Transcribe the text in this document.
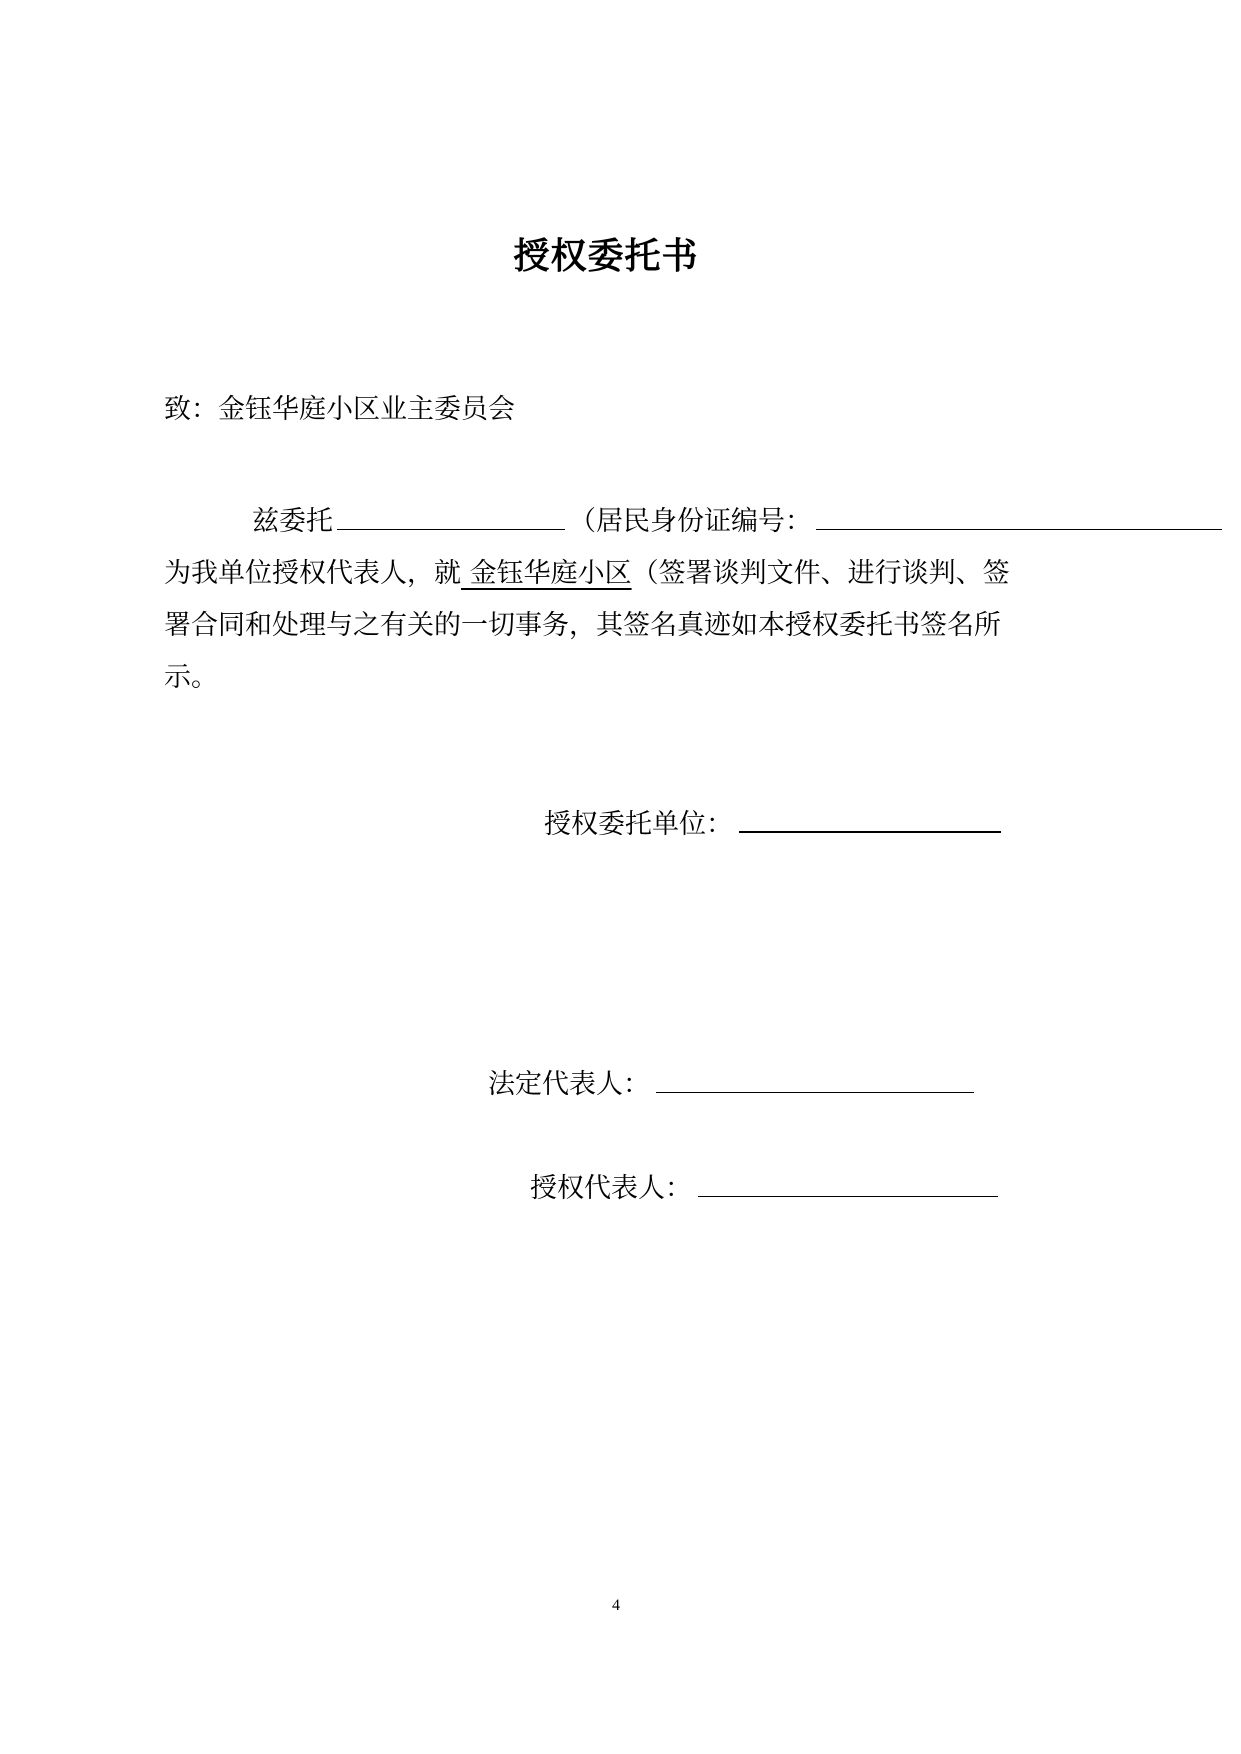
授权委托书
致：金钰华庭小区业主委员会
兹委托	（居民身份证编号：
为我单位授权代表人，就 金钰华庭小区（签署谈判文件、进行谈判、签
署合同和处理与之有关的一切事务，其签名真迹如本授权委托书签名所
示。
授权委托单位：
法定代表人：
授权代表人：
4
